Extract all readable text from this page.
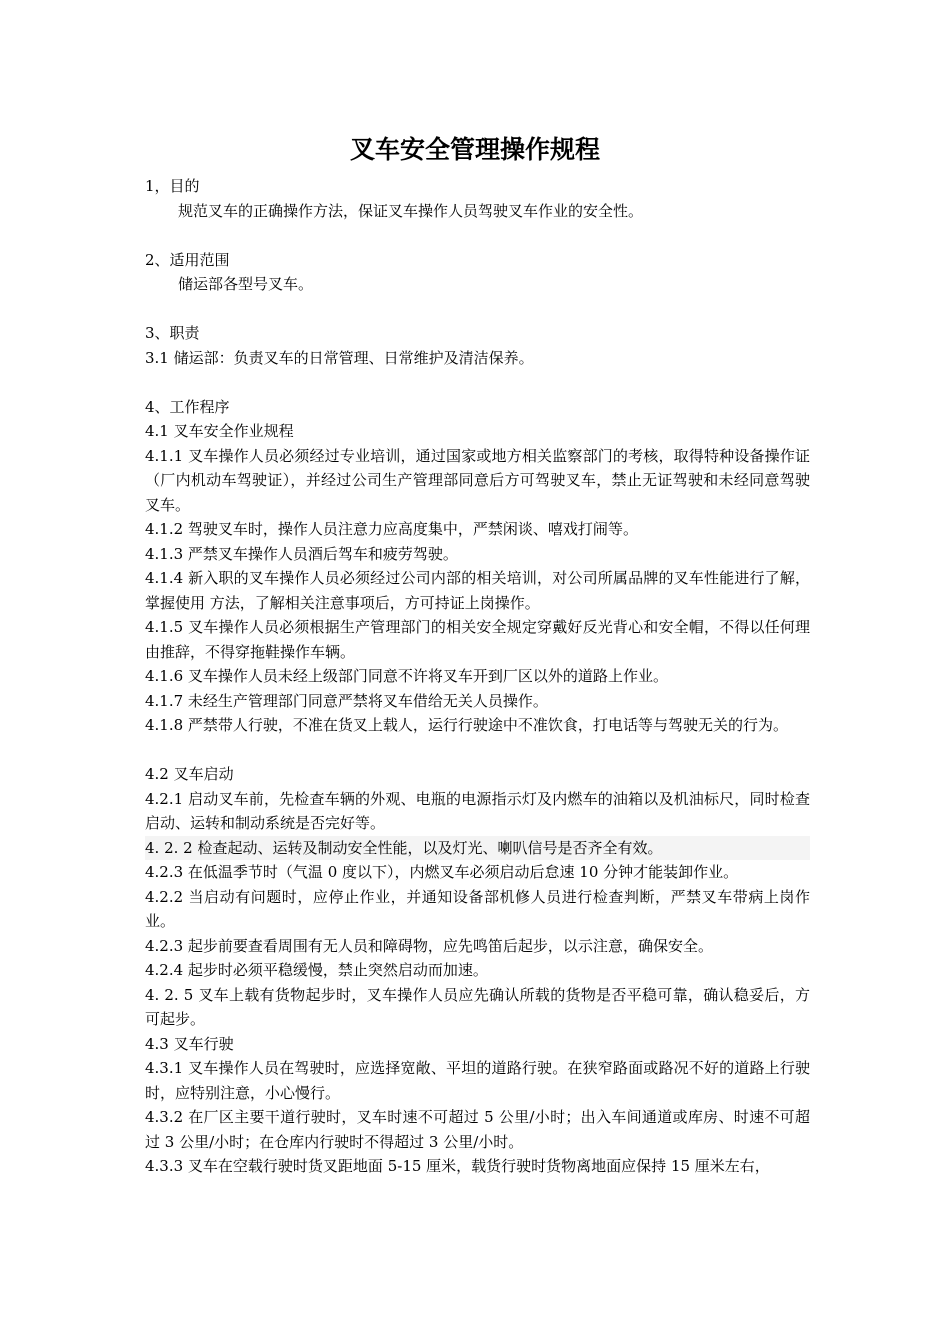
叉车安全管理操作规程

1，目的

规范叉车的正确操作方法，保证叉车操作人员驾驶叉车作业的安全性。

2、适用范围

储运部各型号叉车。

3、职责

3.1 储运部：负责叉车的日常管理、日常维护及清洁保养。

4、工作程序

4.1 叉车安全作业规程

4.1.1 叉车操作人员必须经过专业培训，通过国家或地方相关监察部门的考核，取得特种设备操作证（厂内机动车驾驶证），并经过公司生产管理部同意后方可驾驶叉车，禁止无证驾驶和未经同意驾驶叉车。

4.1.2 驾驶叉车时，操作人员注意力应高度集中，严禁闲谈、嘻戏打闹等。

4.1.3 严禁叉车操作人员酒后驾车和疲劳驾驶。

4.1.4 新入职的叉车操作人员必须经过公司内部的相关培训，对公司所属品牌的叉车性能进行了解，掌握使用 方法，了解相关注意事项后，方可持证上岗操作。

4.1.5 叉车操作人员必须根据生产管理部门的相关安全规定穿戴好反光背心和安全帽，不得以任何理由推辞，不得穿拖鞋操作车辆。

4.1.6 叉车操作人员未经上级部门同意不许将叉车开到厂区以外的道路上作业。

4.1.7 未经生产管理部门同意严禁将叉车借给无关人员操作。

4.1.8 严禁带人行驶，不准在货叉上载人，运行行驶途中不准饮食，打电话等与驾驶无关的行为。

4.2 叉车启动

4.2.1 启动叉车前，先检查车辆的外观、电瓶的电源指示灯及内燃车的油箱以及机油标尺，同时检查启动、运转和制动系统是否完好等。

4. 2. 2 检查起动、运转及制动安全性能，以及灯光、喇叭信号是否齐全有效。

4.2.3 在低温季节时（气温 0 度以下），内燃叉车必须启动后怠速 10 分钟才能装卸作业。

4.2.2 当启动有问题时，应停止作业，并通知设备部机修人员进行检查判断，严禁叉车带病上岗作业。

4.2.3 起步前要查看周围有无人员和障碍物，应先鸣笛后起步，以示注意，确保安全。

4.2.4 起步时必须平稳缓慢，禁止突然启动而加速。

4. 2. 5 叉车上载有货物起步时，叉车操作人员应先确认所载的货物是否平稳可靠，确认稳妥后，方可起步。

4.3 叉车行驶

4.3.1 叉车操作人员在驾驶时，应选择宽敞、平坦的道路行驶。在狭窄路面或路况不好的道路上行驶时，应特别注意，小心慢行。

4.3.2 在厂区主要干道行驶时，叉车时速不可超过 5 公里/小时；出入车间通道或库房、时速不可超过 3 公里/小时；在仓库内行驶时不得超过 3 公里/小时。

4.3.3 叉车在空载行驶时货叉距地面 5-15 厘米，载货行驶时货物离地面应保持 15 厘米左右，
